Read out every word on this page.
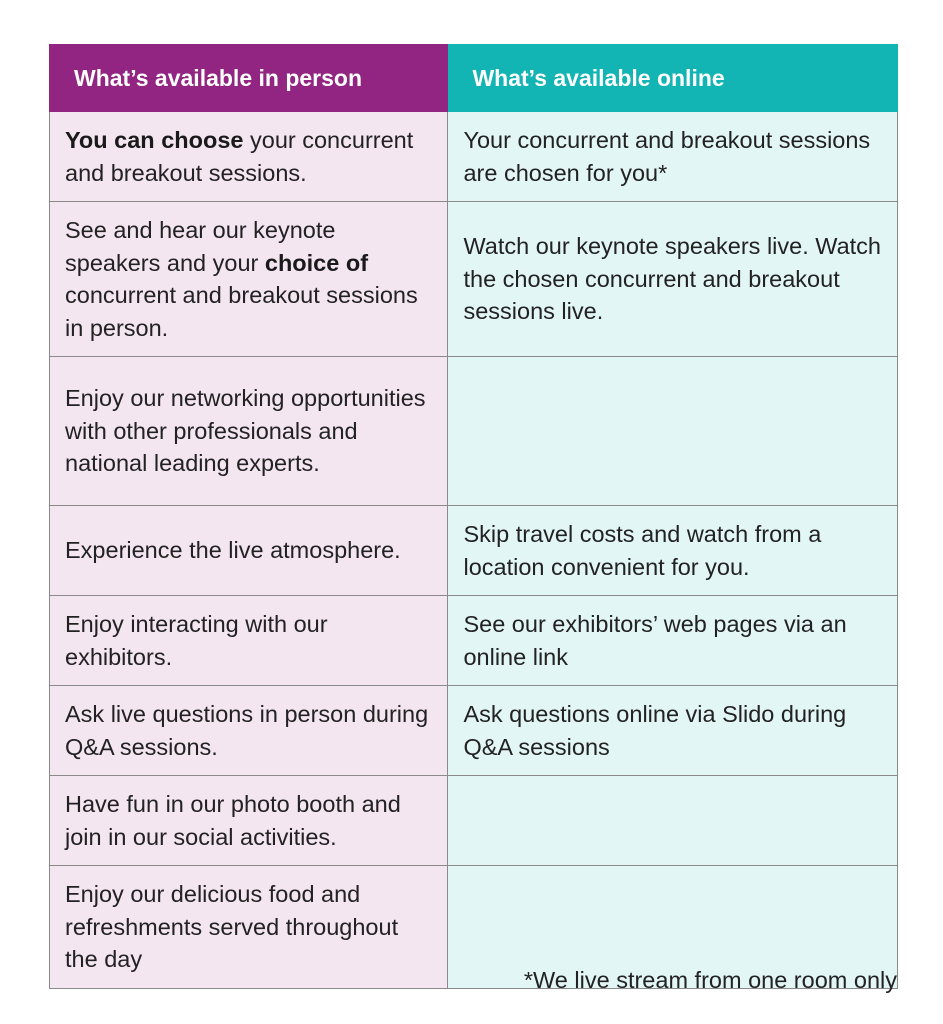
What’s available in person	What’s available online
You can choose your concurrent and breakout sessions.	Your concurrent and breakout sessions are chosen for you*
See and hear our keynote speakers and your choice of concurrent and breakout sessions in person.	Watch our keynote speakers live. Watch the chosen concurrent and breakout sessions live.
Enjoy our networking opportunities with other professionals and national leading experts.	
Experience the live atmosphere.	Skip travel costs and watch from a location convenient for you.
Enjoy interacting with our exhibitors.	See our exhibitors’ web pages via an online link
Ask live questions in person during Q&A sessions.	Ask questions online via Slido during Q&A sessions
Have fun in our photo booth and join in our social activities.	
Enjoy our delicious food and refreshments served throughout the day	
*We live stream from one room only
